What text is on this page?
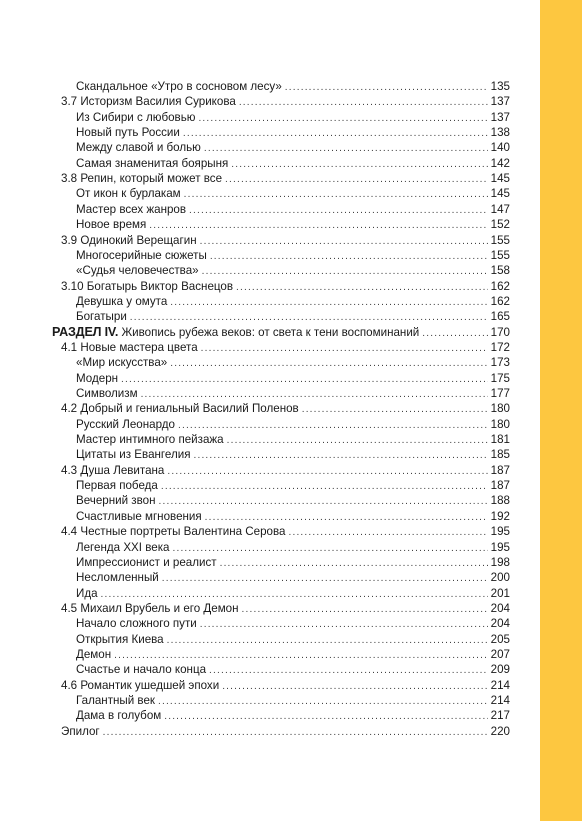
Скандальное «Утро в сосновом лесу» .....	135
3.7 Историзм Василия Сурикова .....	137
Из Сибири с любовью .....	137
Новый путь России .....	138
Между славой и болью .....	140
Самая знаменитая боярыня .....	142
3.8 Репин, который может все .....	145
От икон к бурлакам .....	145
Мастер всех жанров .....	147
Новое время .....	152
3.9 Одинокий Верещагин .....	155
Многосерийные сюжеты .....	155
«Судья человечества» .....	158
3.10 Богатырь Виктор Васнецов .....	162
Девушка у омута .....	162
Богатыри .....	165
РАЗДЕЛ IV. Живопись рубежа веков: от света к тени воспоминаний .....	170
4.1 Новые мастера цвета .....	172
«Мир искусства» .....	173
Модерн .....	175
Символизм .....	177
4.2 Добрый и гениальный Василий Поленов .....	180
Русский Леонардо .....	180
Мастер интимного пейзажа .....	181
Цитаты из Евангелия .....	185
4.3 Душа Левитана .....	187
Первая победа .....	187
Вечерний звон .....	188
Счастливые мгновения .....	192
4.4 Честные портреты Валентина Серова .....	195
Легенда XXI века .....	195
Импрессионист и реалист .....	198
Несломленный .....	200
Ида .....	201
4.5 Михаил Врубель и его Демон .....	204
Начало сложного пути .....	204
Открытия Киева .....	205
Демон .....	207
Счастье и начало конца .....	209
4.6 Романтик ушедшей эпохи .....	214
Галантный век .....	214
Дама в голубом .....	217
Эпилог .....	220
